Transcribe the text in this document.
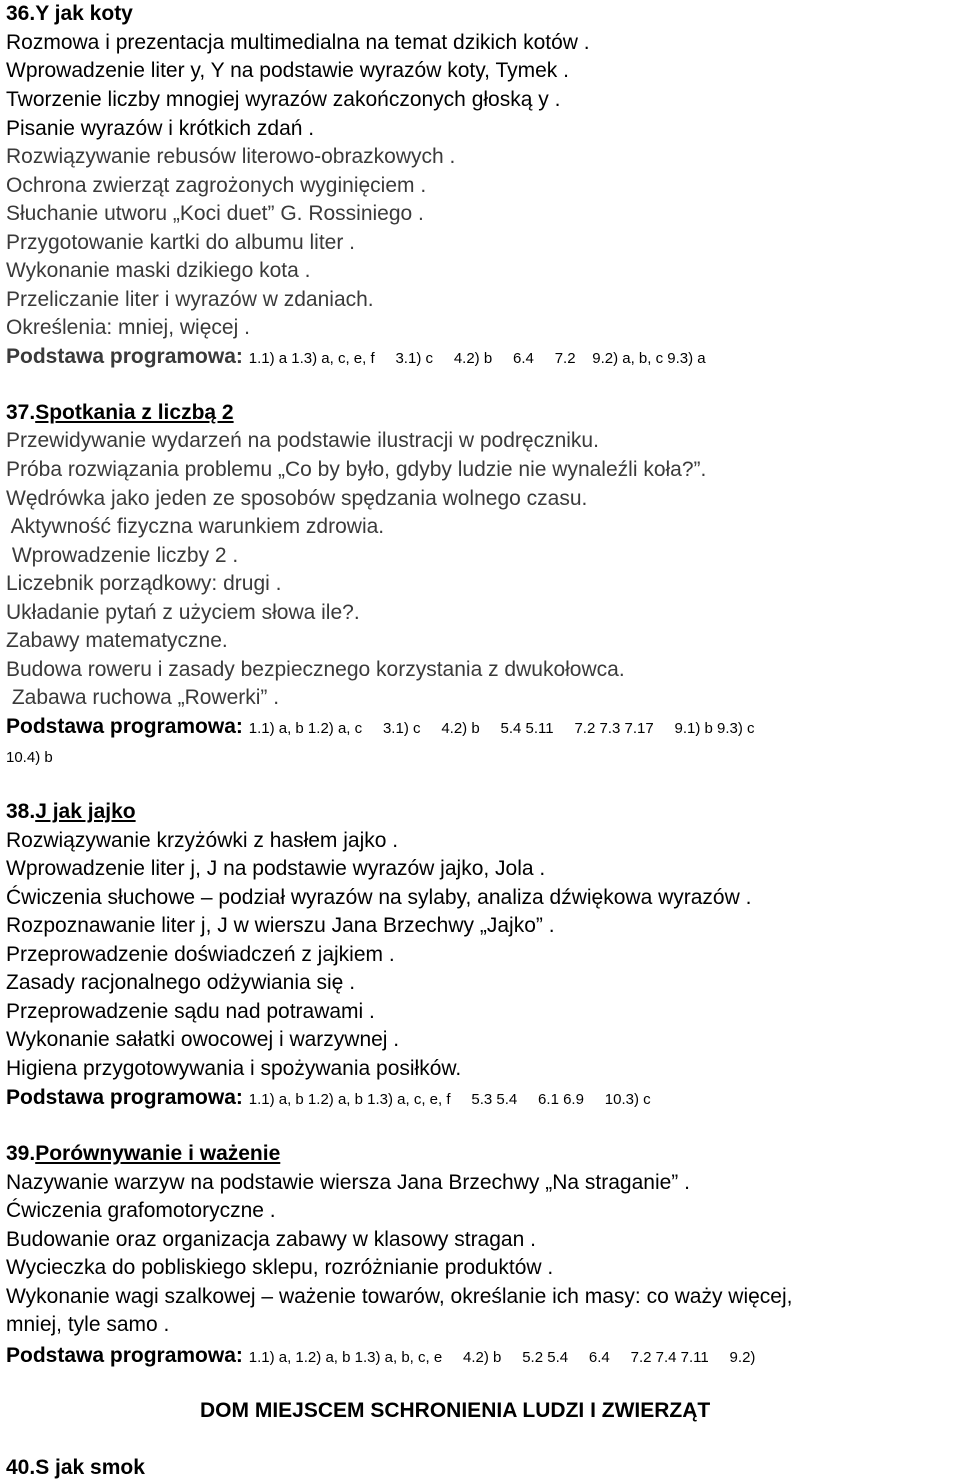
36.Y jak koty
Rozmowa i prezentacja multimedialna na temat dzikich kotów .
Wprowadzenie liter y, Y na podstawie wyrazów koty, Tymek .
Tworzenie liczby mnogiej wyrazów zakończonych głoską y .
Pisanie wyrazów i krótkich zdań .
Rozwiązywanie rebusów literowo-obrazkowych .
Ochrona zwierząt zagrożonych wyginięciem .
Słuchanie utworu „Koci duet” G. Rossiniego .
Przygotowanie kartki do albumu liter .
Wykonanie maski dzikiego kota .
Przeliczanie liter i wyrazów w zdaniach.
Określenia: mniej, więcej .
Podstawa programowa: 1.1) a 1.3) a, c, e, f     3.1) c     4.2) b     6.4     7.2    9.2) a, b, c 9.3) a
37.Spotkania z liczbą 2
Przewidywanie wydarzeń na podstawie ilustracji w podręczniku.
Próba rozwiązania problemu „Co by było, gdyby ludzie nie wynaleźli koła?”.
Wędrówka jako jeden ze sposobów spędzania wolnego czasu.
Aktywność fizyczna warunkiem zdrowia.
Wprowadzenie liczby 2 .
Liczebnik porządkowy: drugi .
Układanie pytań z użyciem słowa ile?.
Zabawy matematyczne.
Budowa roweru i zasady bezpiecznego korzystania z dwukołowca.
Zabawa ruchowa „Rowerki” .
Podstawa programowa: 1.1) a, b 1.2) a, c     3.1) c     4.2) b     5.4 5.11     7.2 7.3 7.17     9.1) b 9.3) c
10.4) b
38.J jak jajko
Rozwiązywanie krzyżówki z hasłem jajko .
Wprowadzenie liter j, J na podstawie wyrazów jajko, Jola .
Ćwiczenia słuchowe – podział wyrazów na sylaby, analiza dźwiękowa wyrazów .
Rozpoznawanie liter j, J w wierszu Jana Brzechwy „Jajko” .
Przeprowadzenie doświadczeń z jajkiem .
Zasady racjonalnego odżywiania się .
Przeprowadzenie sądu nad potrawami .
Wykonanie sałatki owocowej i warzywnej .
Higiena przygotowywania i spożywania posiłków.
Podstawa programowa: 1.1) a, b 1.2) a, b 1.3) a, c, e, f     5.3 5.4     6.1 6.9     10.3) c
39.Porównywanie i ważenie
Nazywanie warzyw na podstawie wiersza Jana Brzechwy „Na straganie” .
Ćwiczenia grafomotoryczne .
Budowanie oraz organizacja zabawy w klasowy stragan .
Wycieczka do pobliskiego sklepu, rozróżnianie produktów .
Wykonanie wagi szalkowej – ważenie towarów, określanie ich masy: co waży więcej,
mniej, tyle samo .
Podstawa programowa: 1.1) a, 1.2) a, b 1.3) a, b, c, e     4.2) b     5.2 5.4     6.4     7.2 7.4 7.11     9.2)
DOM MIEJSCEM SCHRONIENIA LUDZI I ZWIERZĄT
40.S jak smok
